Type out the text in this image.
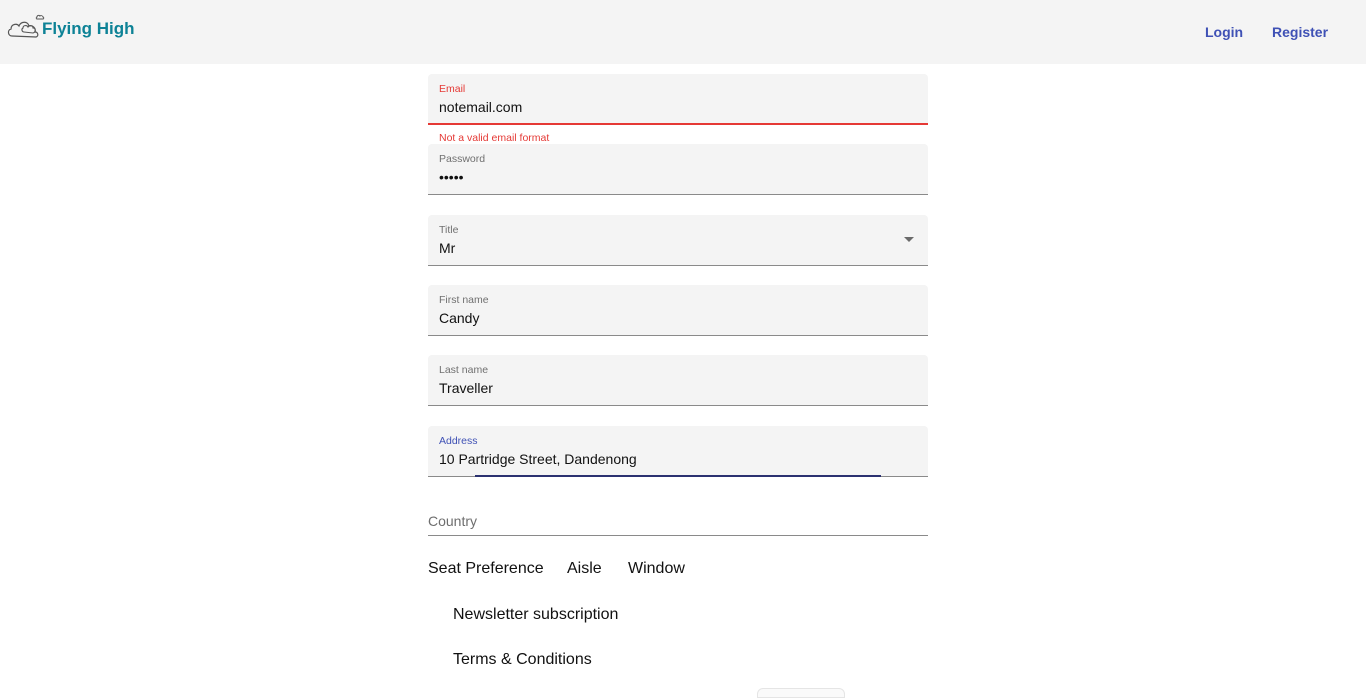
Flying High	Login Register
Email
notemail.com
Not a valid email format
Password
•••••
Title
Mr
First name
Candy
Last name
Traveller
Address
10 Partridge Street, Dandenong
Country
Seat Preference Aisle Window
Newsletter subscription
Terms & Conditions
